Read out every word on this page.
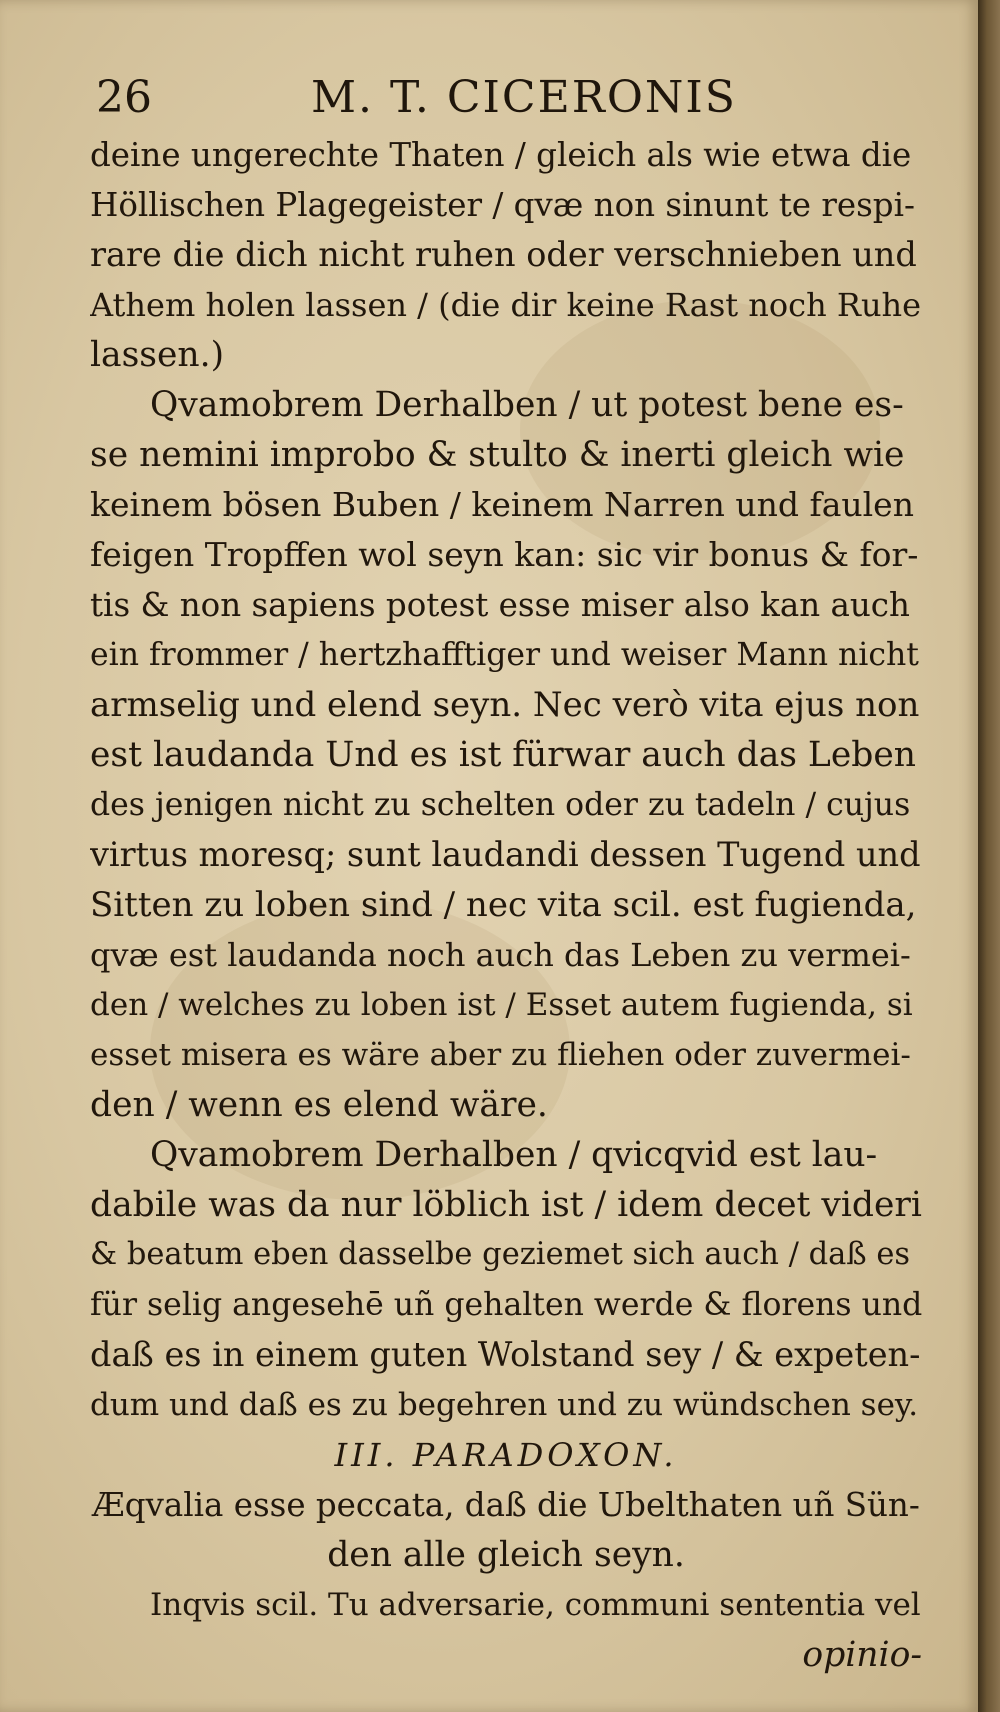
26	M. T. CICERONIS
deine ungerechte Thaten / gleich als wie etwa die
Höllischen Plagegeister / qvæ non sinunt te respi-
rare die dich nicht ruhen oder verschnieben und
Athem holen lassen / (die dir keine Rast noch Ruhe
lassen.)
Qvamobrem Derhalben / ut potest bene es-
se nemini improbo & stulto & inerti gleich wie
keinem bösen Buben / keinem Narren und faulen
feigen Tropffen wol seyn kan: sic vir bonus & for-
tis & non sapiens potest esse miser also kan auch
ein frommer / hertzhafftiger und weiser Mann nicht
armselig und elend seyn. Nec verò vita ejus non
est laudanda Und es ist fürwar auch das Leben
des jenigen nicht zu schelten oder zu tadeln / cujus
virtus moresq; sunt laudandi dessen Tugend und
Sitten zu loben sind / nec vita scil. est fugienda,
qvæ est laudanda noch auch das Leben zu vermei-
den / welches zu loben ist / Esset autem fugienda, si
esset misera es wäre aber zu fliehen oder zuvermei-
den / wenn es elend wäre.
Qvamobrem Derhalben / qvicqvid est lau-
dabile was da nur löblich ist / idem decet videri
& beatum eben dasselbe geziemet sich auch / daß es
für selig angesehē uñ gehalten werde & florens und
daß es in einem guten Wolstand sey / & expeten-
dum und daß es zu begehren und zu wündschen sey.
III. PARADOXON.
Æqvalia esse peccata, daß die Ubelthaten uñ Sün-
den alle gleich seyn.
Inqvis scil. Tu adversarie, communi sententia vel
opinio-
